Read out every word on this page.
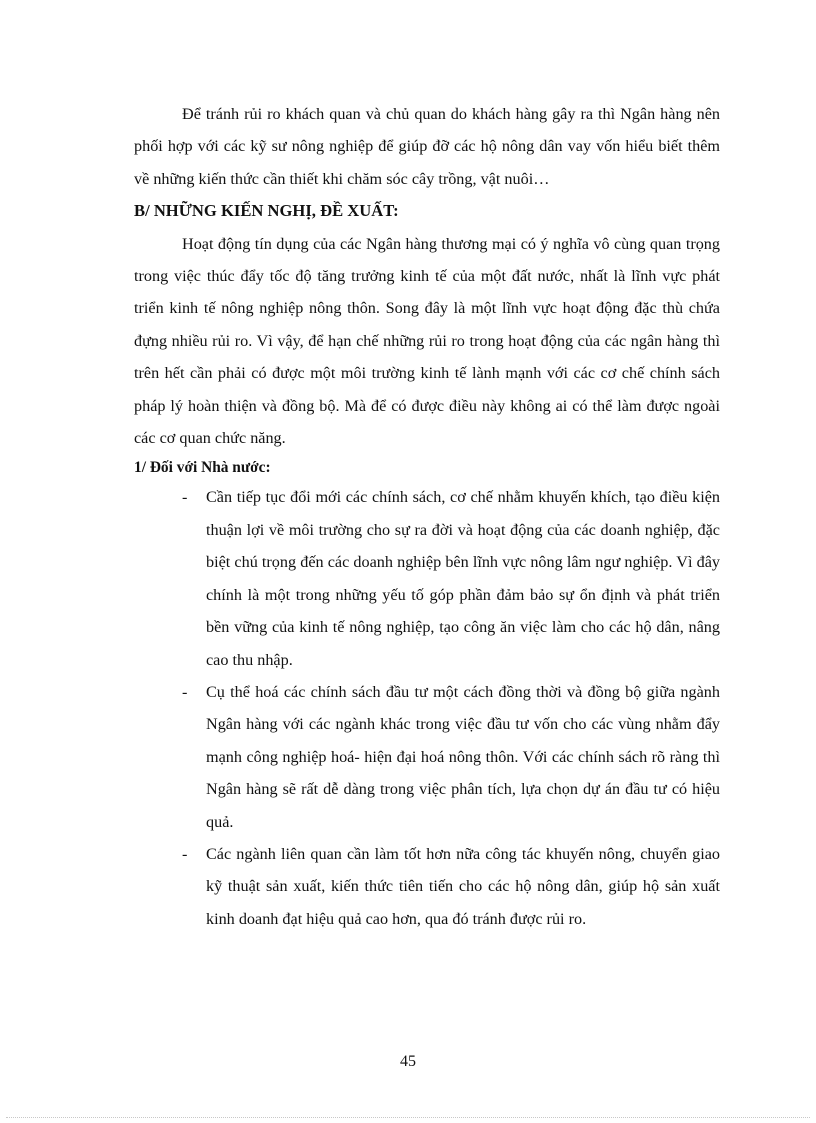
Để tránh rủi ro khách quan và chủ quan do khách hàng gây ra thì Ngân hàng nên phối hợp với các kỹ sư nông nghiệp để giúp đỡ các hộ nông dân vay vốn hiểu biết thêm về những kiến thức cần thiết khi chăm sóc cây trồng, vật nuôi…

B/ NHỮNG KIẾN NGHỊ, ĐỀ XUẤT:

Hoạt động tín dụng của các Ngân hàng thương mại có ý nghĩa vô cùng quan trọng trong việc thúc đẩy tốc độ tăng trưởng kinh tế của một đất nước, nhất là lĩnh vực phát triển kinh tế nông nghiệp nông thôn. Song đây là một lĩnh vực hoạt động đặc thù chứa đựng nhiều rủi ro. Vì vậy, để hạn chế những rủi ro trong hoạt động của các ngân hàng thì trên hết cần phải có được một môi trường kinh tế lành mạnh với các cơ chế chính sách pháp lý hoàn thiện và đồng bộ. Mà để có được điều này không ai có thể làm được ngoài các cơ quan chức năng.

1/ Đối với Nhà nước:
- Cần tiếp tục đổi mới các chính sách, cơ chế nhằm khuyến khích, tạo điều kiện thuận lợi về môi trường cho sự ra đời và hoạt động của các doanh nghiệp, đặc biệt chú trọng đến các doanh nghiệp bên lĩnh vực nông lâm ngư nghiệp. Vì đây chính là một trong những yếu tố góp phần đảm bảo sự ổn định và phát triển bền vững của kinh tế nông nghiệp, tạo công ăn việc làm cho các hộ dân, nâng cao thu nhập.
- Cụ thể hoá các chính sách đầu tư một cách đồng thời và đồng bộ giữa ngành Ngân hàng với các ngành khác trong việc đầu tư vốn cho các vùng nhằm đẩy mạnh công nghiệp hoá- hiện đại hoá nông thôn. Với các chính sách rõ ràng thì Ngân hàng sẽ rất dễ dàng trong việc phân tích, lựa chọn dự án đầu tư có hiệu quả.
- Các ngành liên quan cần làm tốt hơn nữa công tác khuyến nông, chuyển giao kỹ thuật sản xuất, kiến thức tiên tiến cho các hộ nông dân, giúp hộ sản xuất kinh doanh đạt hiệu quả cao hơn, qua đó tránh được rủi ro.
45
